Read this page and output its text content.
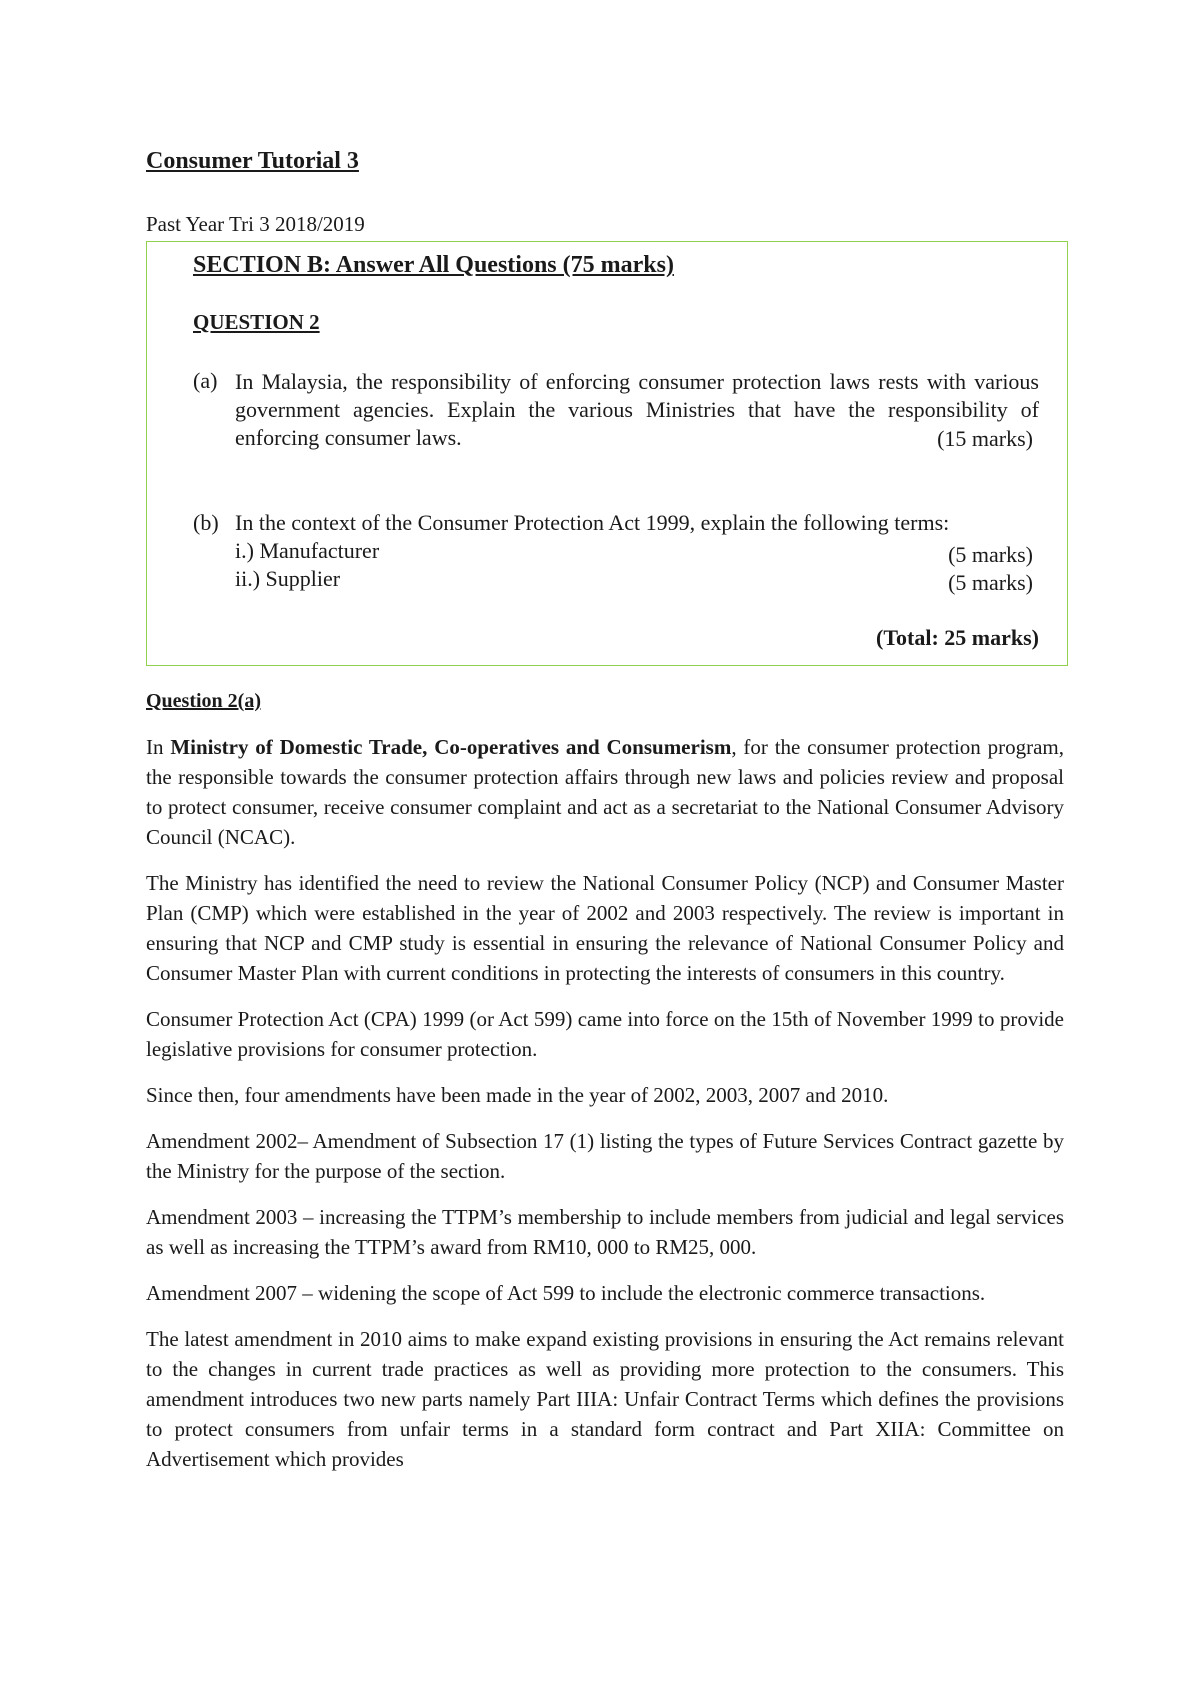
Consumer Tutorial 3

Past Year Tri 3 2018/2019

SECTION B: Answer All Questions (75 marks)
QUESTION 2
(a) In Malaysia, the responsibility of enforcing consumer protection laws rests with various government agencies. Explain the various Ministries that have the responsibility of enforcing consumer laws.	(15 marks)
(b) In the context of the Consumer Protection Act 1999, explain the following terms:
i.) Manufacturer	(5 marks)
ii.) Supplier	(5 marks)
(Total: 25 marks)
Question 2(a)

In Ministry of Domestic Trade, Co-operatives and Consumerism, for the consumer protection program, the responsible towards the consumer protection affairs through new laws and policies review and proposal to protect consumer, receive consumer complaint and act as a secretariat to the National Consumer Advisory Council (NCAC).

The Ministry has identified the need to review the National Consumer Policy (NCP) and Consumer Master Plan (CMP) which were established in the year of 2002 and 2003 respectively. The review is important in ensuring that NCP and CMP study is essential in ensuring the relevance of National Consumer Policy and Consumer Master Plan with current conditions in protecting the interests of consumers in this country.

Consumer Protection Act (CPA) 1999 (or Act 599) came into force on the 15th of November 1999 to provide legislative provisions for consumer protection.

Since then, four amendments have been made in the year of 2002, 2003, 2007 and 2010.

Amendment 2002– Amendment of Subsection 17 (1) listing the types of Future Services Contract gazette by the Ministry for the purpose of the section.

Amendment 2003 – increasing the TTPM’s membership to include members from judicial and legal services as well as increasing the TTPM’s award from RM10, 000 to RM25, 000.

Amendment 2007 – widening the scope of Act 599 to include the electronic commerce transactions.

The latest amendment in 2010 aims to make expand existing provisions in ensuring the Act remains relevant to the changes in current trade practices as well as providing more protection to the consumers. This amendment introduces two new parts namely Part IIIA: Unfair Contract Terms which defines the provisions to protect consumers from unfair terms in a standard form contract and Part XIIA: Committee on Advertisement which provides
